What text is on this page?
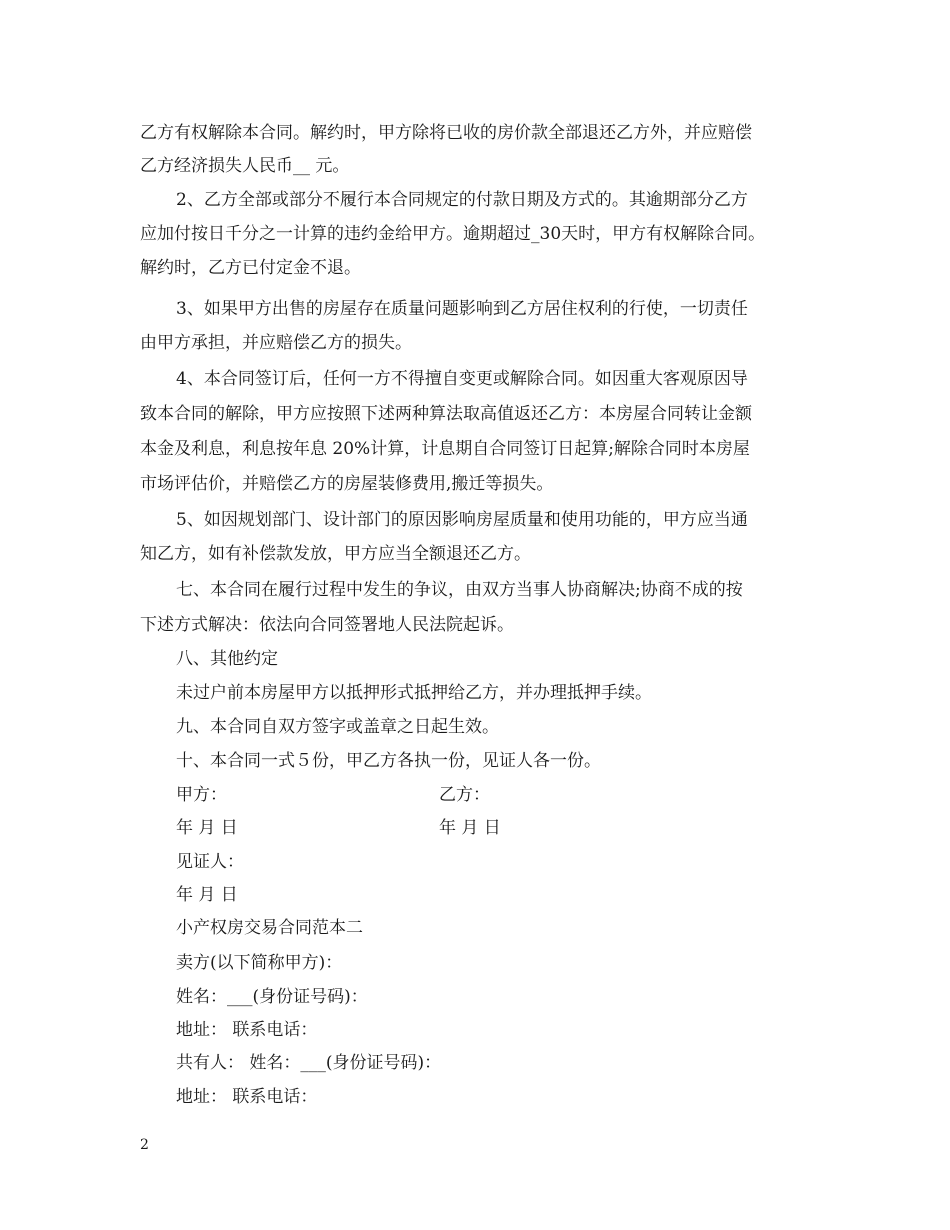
乙方有权解除本合同。解约时，甲方除将已收的房价款全部退还乙方外，并应赔偿
乙方经济损失人民币__ 元。
2、乙方全部或部分不履行本合同规定的付款日期及方式的。其逾期部分乙方
应加付按日千分之一计算的违约金给甲方。逾期超过_30天时，甲方有权解除合同。
解约时，乙方已付定金不退。
3、如果甲方出售的房屋存在质量问题影响到乙方居住权利的行使，一切责任
由甲方承担，并应赔偿乙方的损失。
4、本合同签订后，任何一方不得擅自变更或解除合同。如因重大客观原因导
致本合同的解除，甲方应按照下述两种算法取高值返还乙方：本房屋合同转让金额
本金及利息，利息按年息 20%计算，计息期自合同签订日起算;解除合同时本房屋
市场评估价，并赔偿乙方的房屋装修费用,搬迁等损失。
5、如因规划部门、设计部门的原因影响房屋质量和使用功能的，甲方应当通
知乙方，如有补偿款发放，甲方应当全额退还乙方。
七、本合同在履行过程中发生的争议，由双方当事人协商解决;协商不成的按
下述方式解决：依法向合同签署地人民法院起诉。
八、其他约定
未过户前本房屋甲方以抵押形式抵押给乙方，并办理抵押手续。
九、本合同自双方签字或盖章之日起生效。
十、本合同一式５份，甲乙方各执一份，见证人各一份。
甲方：	乙方：
年 月 日	年 月 日
见证人：
年 月 日
小产权房交易合同范本二
卖方(以下简称甲方)：
姓名：___(身份证号码)：
地址： 联系电话：
共有人： 姓名：___(身份证号码)：
地址： 联系电话：
2
